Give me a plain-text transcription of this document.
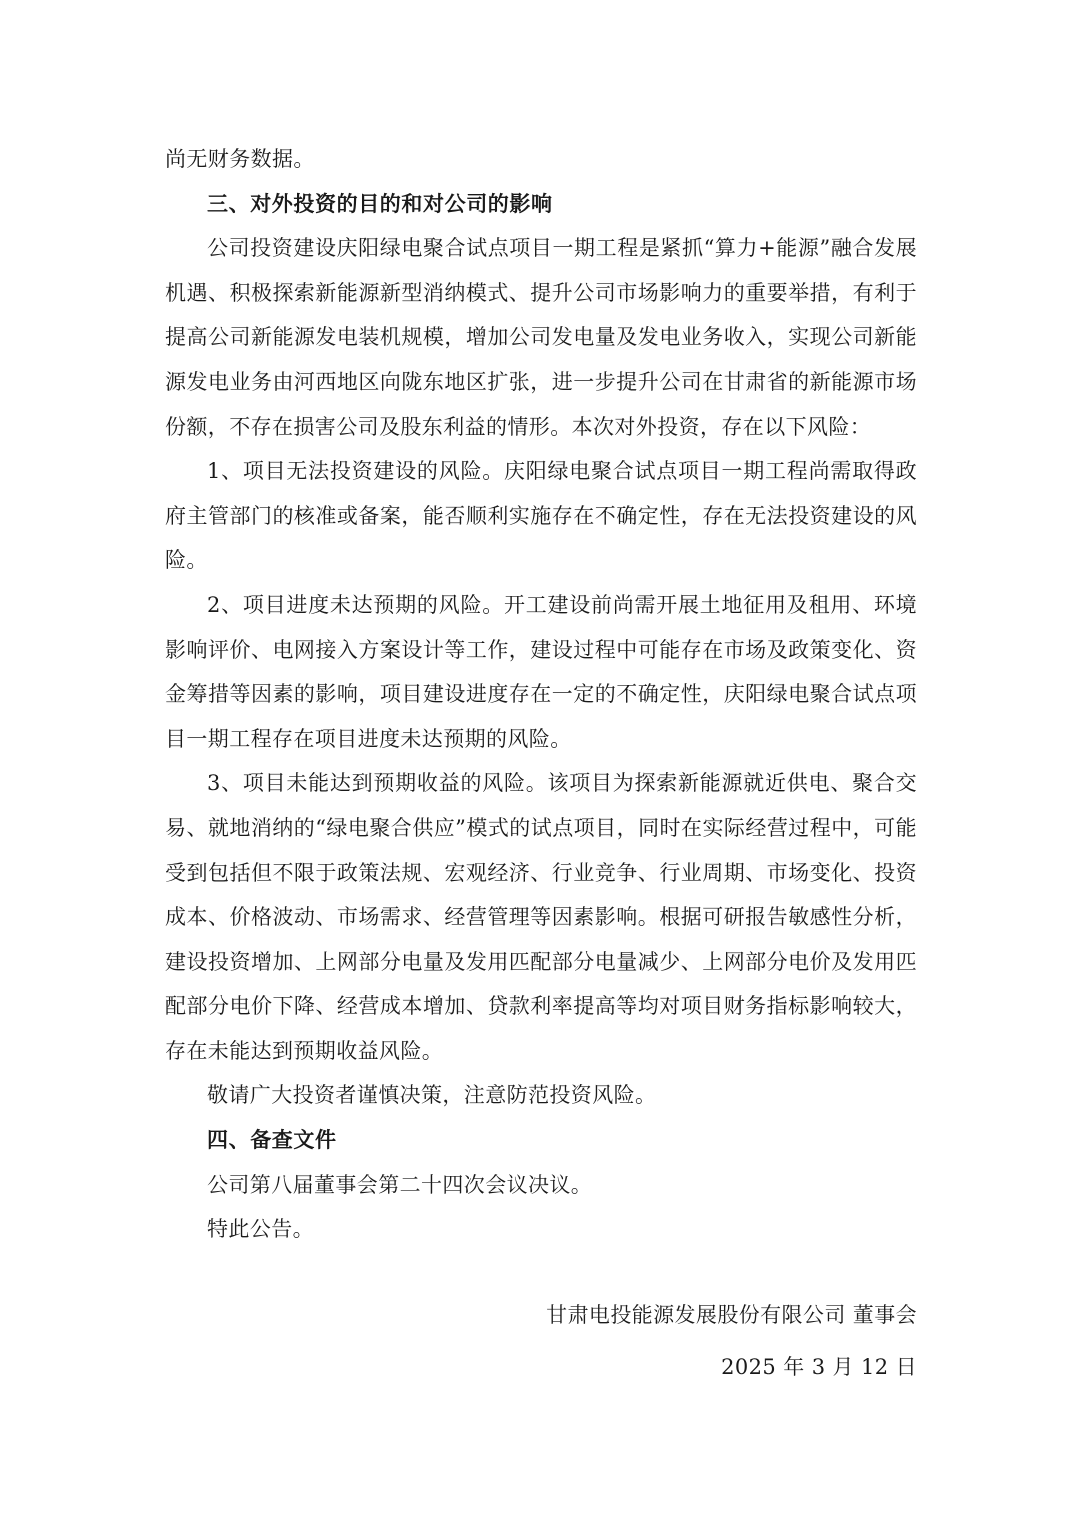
尚无财务数据。

三、对外投资的目的和对公司的影响

公司投资建设庆阳绿电聚合试点项目一期工程是紧抓“算力+能源”融合发展机遇、积极探索新能源新型消纳模式、提升公司市场影响力的重要举措，有利于提高公司新能源发电装机规模，增加公司发电量及发电业务收入，实现公司新能源发电业务由河西地区向陇东地区扩张，进一步提升公司在甘肃省的新能源市场份额，不存在损害公司及股东利益的情形。本次对外投资，存在以下风险：

1、项目无法投资建设的风险。庆阳绿电聚合试点项目一期工程尚需取得政府主管部门的核准或备案，能否顺利实施存在不确定性，存在无法投资建设的风险。

2、项目进度未达预期的风险。开工建设前尚需开展土地征用及租用、环境影响评价、电网接入方案设计等工作，建设过程中可能存在市场及政策变化、资金筹措等因素的影响，项目建设进度存在一定的不确定性，庆阳绿电聚合试点项目一期工程存在项目进度未达预期的风险。

3、项目未能达到预期收益的风险。该项目为探索新能源就近供电、聚合交易、就地消纳的“绿电聚合供应”模式的试点项目，同时在实际经营过程中，可能受到包括但不限于政策法规、宏观经济、行业竞争、行业周期、市场变化、投资成本、价格波动、市场需求、经营管理等因素影响。根据可研报告敏感性分析，建设投资增加、上网部分电量及发用匹配部分电量减少、上网部分电价及发用匹配部分电价下降、经营成本增加、贷款利率提高等均对项目财务指标影响较大，存在未能达到预期收益风险。

敬请广大投资者谨慎决策，注意防范投资风险。

四、备查文件

公司第八届董事会第二十四次会议决议。

特此公告。

甘肃电投能源发展股份有限公司 董事会

2025 年 3 月 12 日
